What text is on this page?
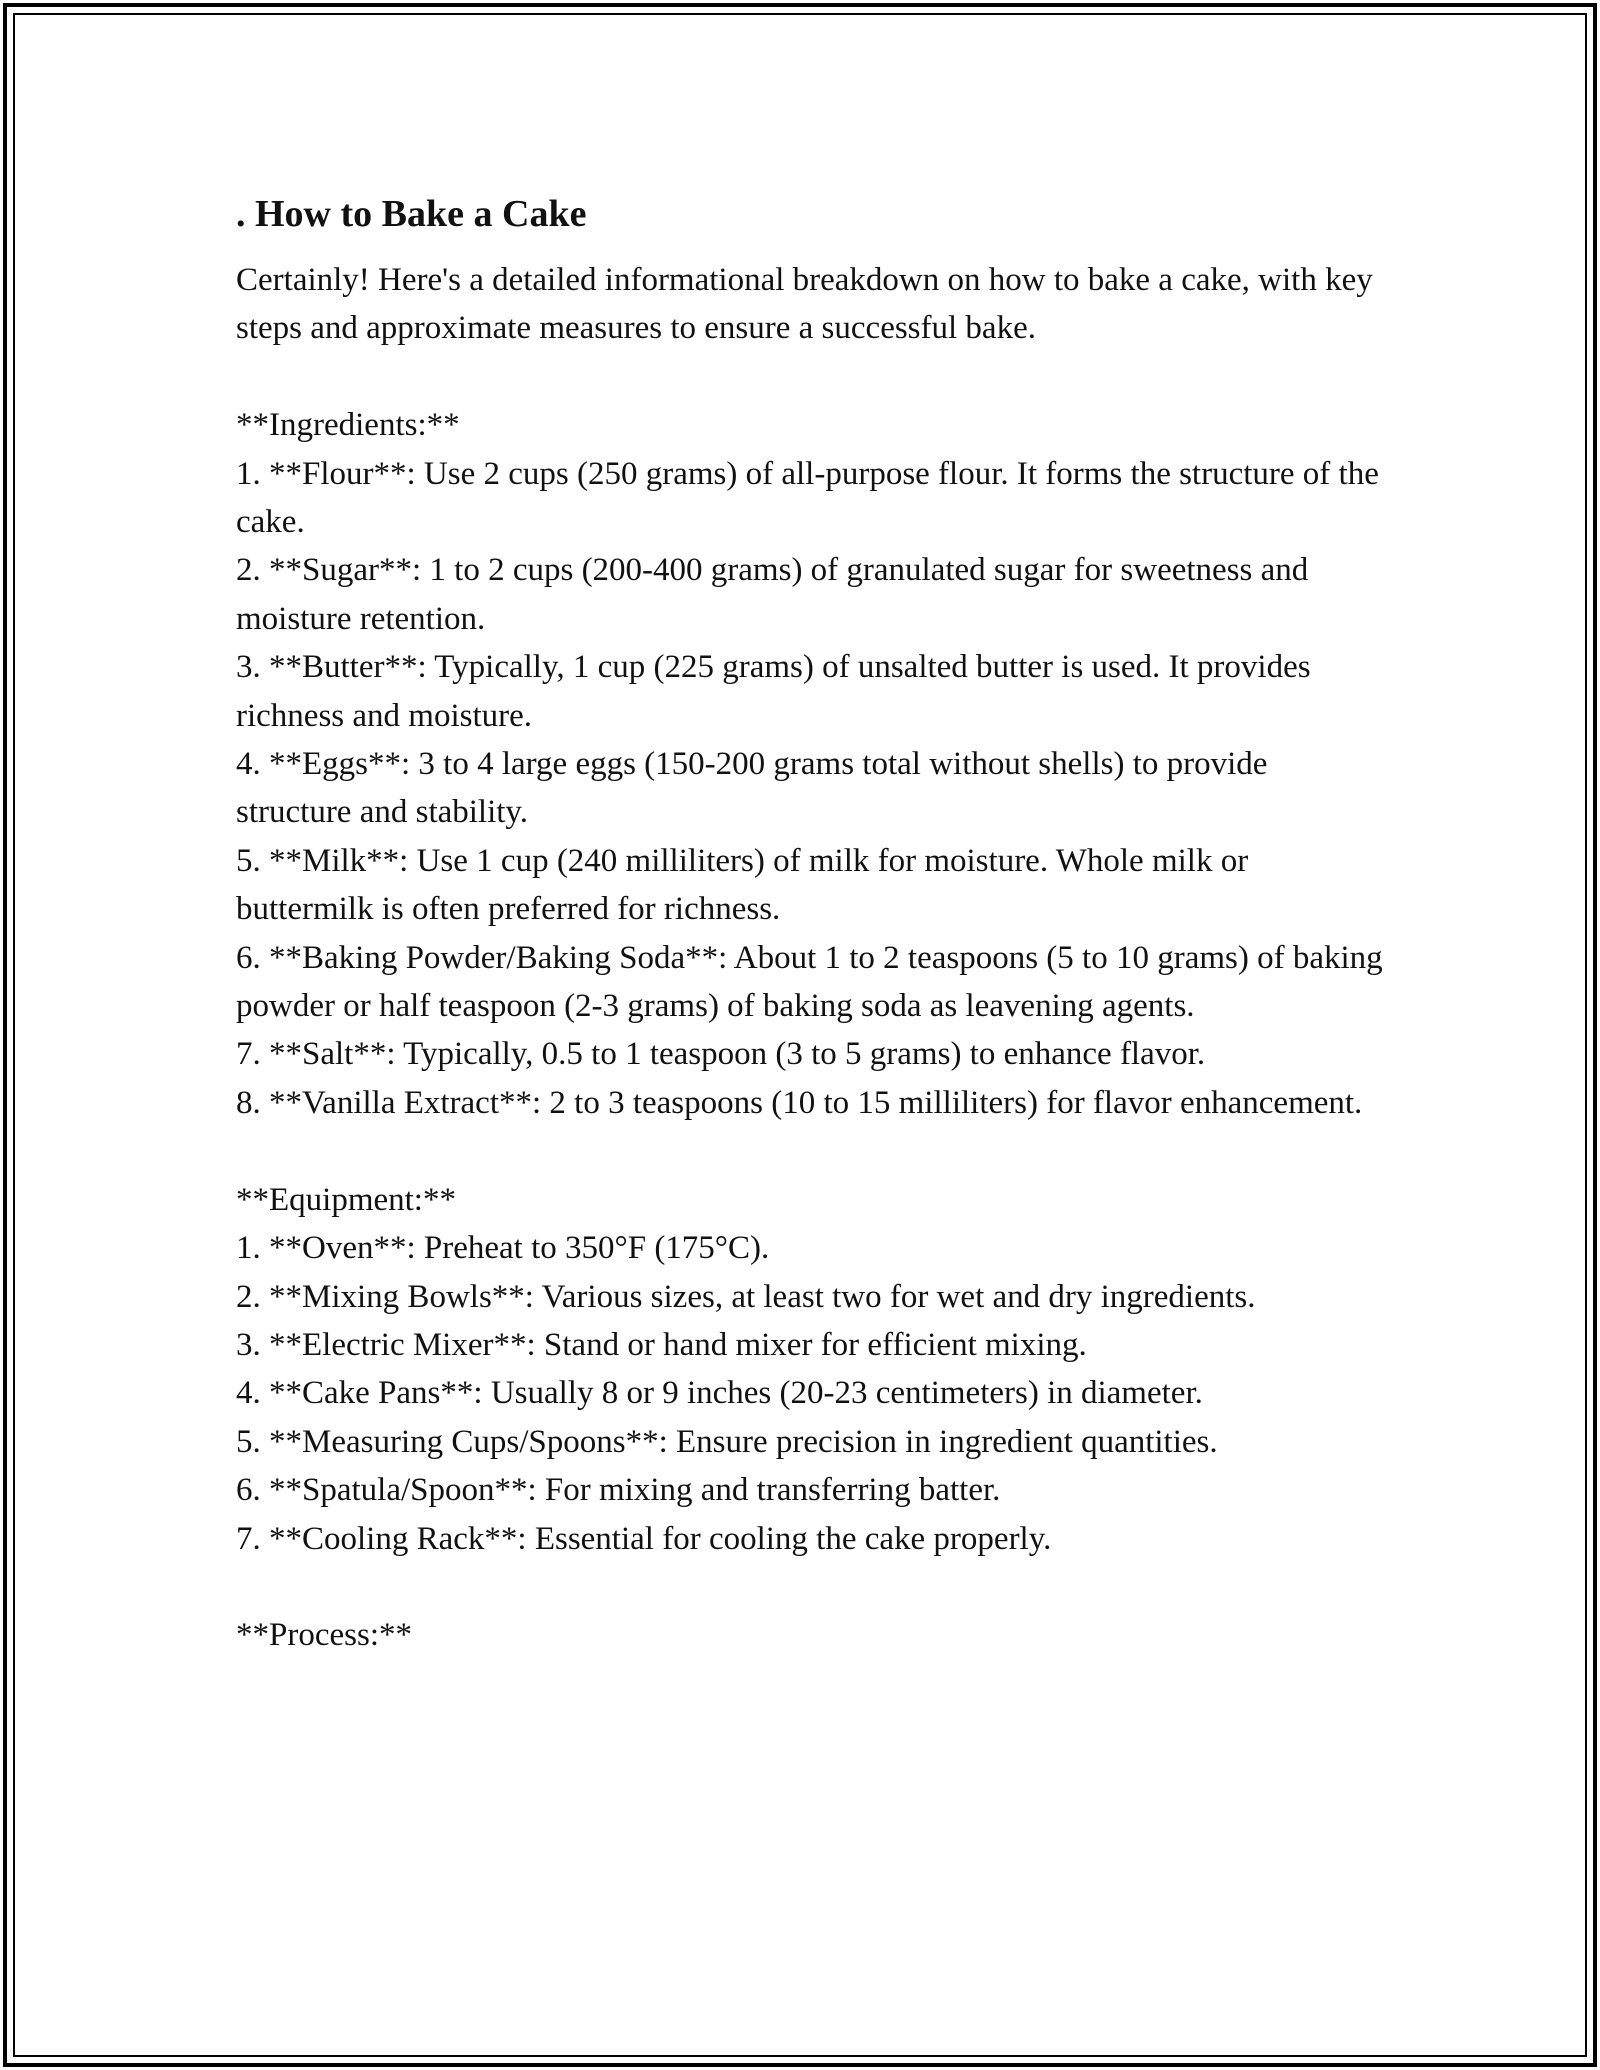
. How to Bake a Cake

Certainly! Here's a detailed informational breakdown on how to bake a cake, with key steps and approximate measures to ensure a successful bake.

**Ingredients:**

1. **Flour**: Use 2 cups (250 grams) of all-purpose flour. It forms the structure of the cake.

2. **Sugar**: 1 to 2 cups (200-400 grams) of granulated sugar for sweetness and moisture retention.

3. **Butter**: Typically, 1 cup (225 grams) of unsalted butter is used. It provides richness and moisture.

4. **Eggs**: 3 to 4 large eggs (150-200 grams total without shells) to provide structure and stability.

5. **Milk**: Use 1 cup (240 milliliters) of milk for moisture. Whole milk or buttermilk is often preferred for richness.

6. **Baking Powder/Baking Soda**: About 1 to 2 teaspoons (5 to 10 grams) of baking powder or half teaspoon (2-3 grams) of baking soda as leavening agents.

7. **Salt**: Typically, 0.5 to 1 teaspoon (3 to 5 grams) to enhance flavor.

8. **Vanilla Extract**: 2 to 3 teaspoons (10 to 15 milliliters) for flavor enhancement.

**Equipment:**

1. **Oven**: Preheat to 350°F (175°C).

2. **Mixing Bowls**: Various sizes, at least two for wet and dry ingredients.

3. **Electric Mixer**: Stand or hand mixer for efficient mixing.

4. **Cake Pans**: Usually 8 or 9 inches (20-23 centimeters) in diameter.

5. **Measuring Cups/Spoons**: Ensure precision in ingredient quantities.

6. **Spatula/Spoon**: For mixing and transferring batter.

7. **Cooling Rack**: Essential for cooling the cake properly.

**Process:**
